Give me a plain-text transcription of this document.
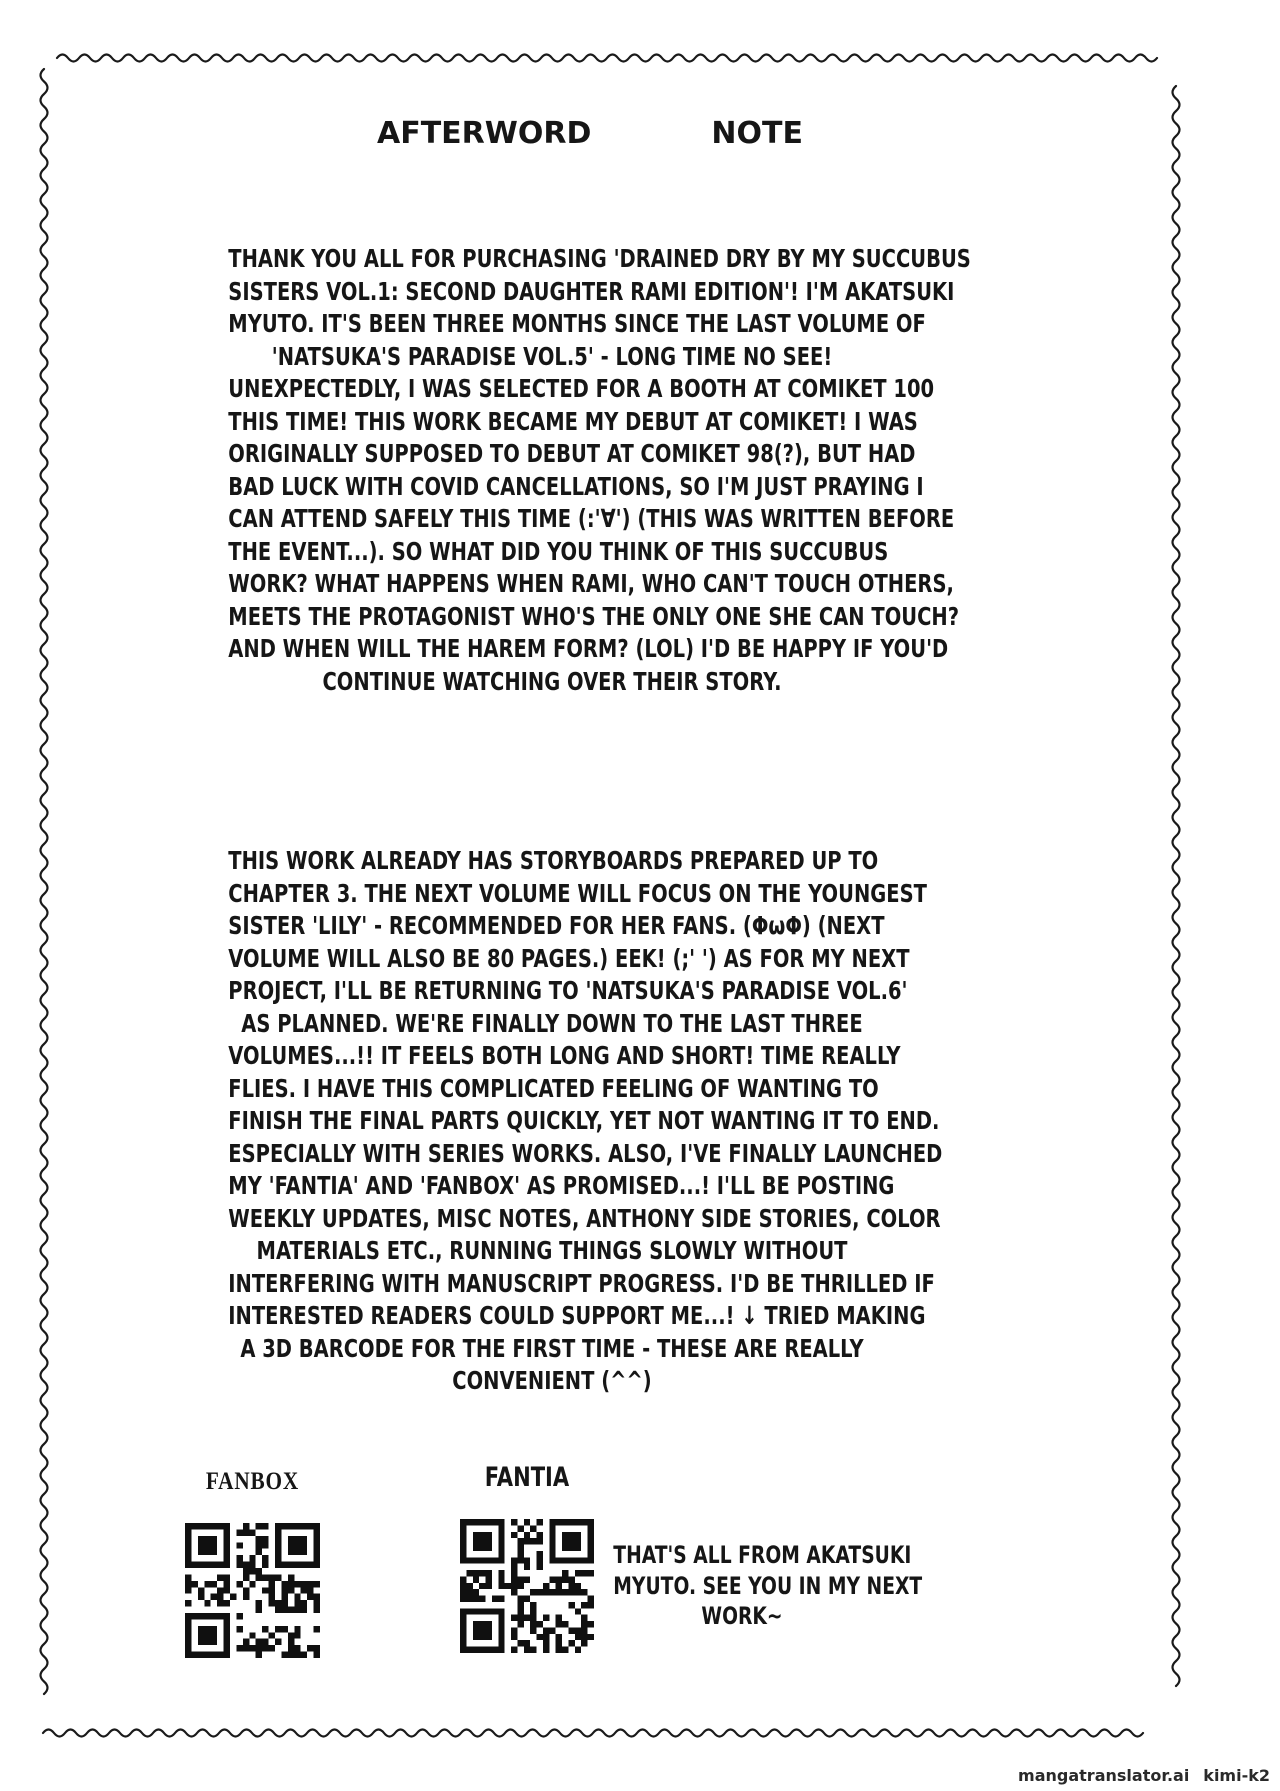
AFTERWORD	NOTE
THANK YOU ALL FOR PURCHASING 'DRAINED DRY BY MY SUCCUBUS
SISTERS VOL.1: SECOND DAUGHTER RAMI EDITION'! I'M AKATSUKI
MYUTO. IT'S BEEN THREE MONTHS SINCE THE LAST VOLUME OF
'NATSUKA'S PARADISE VOL.5' - LONG TIME NO SEE!
UNEXPECTEDLY, I WAS SELECTED FOR A BOOTH AT COMIKET 100
THIS TIME! THIS WORK BECAME MY DEBUT AT COMIKET! I WAS
ORIGINALLY SUPPOSED TO DEBUT AT COMIKET 98(?), BUT HAD
BAD LUCK WITH COVID CANCELLATIONS, SO I'M JUST PRAYING I
CAN ATTEND SAFELY THIS TIME (:'∀') (THIS WAS WRITTEN BEFORE
THE EVENT...). SO WHAT DID YOU THINK OF THIS SUCCUBUS
WORK? WHAT HAPPENS WHEN RAMI, WHO CAN'T TOUCH OTHERS,
MEETS THE PROTAGONIST WHO'S THE ONLY ONE SHE CAN TOUCH?
AND WHEN WILL THE HAREM FORM? (LOL) I'D BE HAPPY IF YOU'D
CONTINUE WATCHING OVER THEIR STORY.
THIS WORK ALREADY HAS STORYBOARDS PREPARED UP TO
CHAPTER 3. THE NEXT VOLUME WILL FOCUS ON THE YOUNGEST
SISTER 'LILY' - RECOMMENDED FOR HER FANS. (ΦωΦ) (NEXT
VOLUME WILL ALSO BE 80 PAGES.) EEK! (;' ') AS FOR MY NEXT
PROJECT, I'LL BE RETURNING TO 'NATSUKA'S PARADISE VOL.6'
AS PLANNED. WE'RE FINALLY DOWN TO THE LAST THREE
VOLUMES...!! IT FEELS BOTH LONG AND SHORT! TIME REALLY
FLIES. I HAVE THIS COMPLICATED FEELING OF WANTING TO
FINISH THE FINAL PARTS QUICKLY, YET NOT WANTING IT TO END.
ESPECIALLY WITH SERIES WORKS. ALSO, I'VE FINALLY LAUNCHED
MY 'FANTIA' AND 'FANBOX' AS PROMISED...! I'LL BE POSTING
WEEKLY UPDATES, MISC NOTES, ANTHONY SIDE STORIES, COLOR
MATERIALS ETC., RUNNING THINGS SLOWLY WITHOUT
INTERFERING WITH MANUSCRIPT PROGRESS. I'D BE THRILLED IF
INTERESTED READERS COULD SUPPORT ME...! ↓ TRIED MAKING
A 3D BARCODE FOR THE FIRST TIME - THESE ARE REALLY
CONVENIENT (^^)
FANBOX	FANTIA
THAT'S ALL FROM AKATSUKI
MYUTO. SEE YOU IN MY NEXT
WORK~
mangatranslator.ai kimi-k2
